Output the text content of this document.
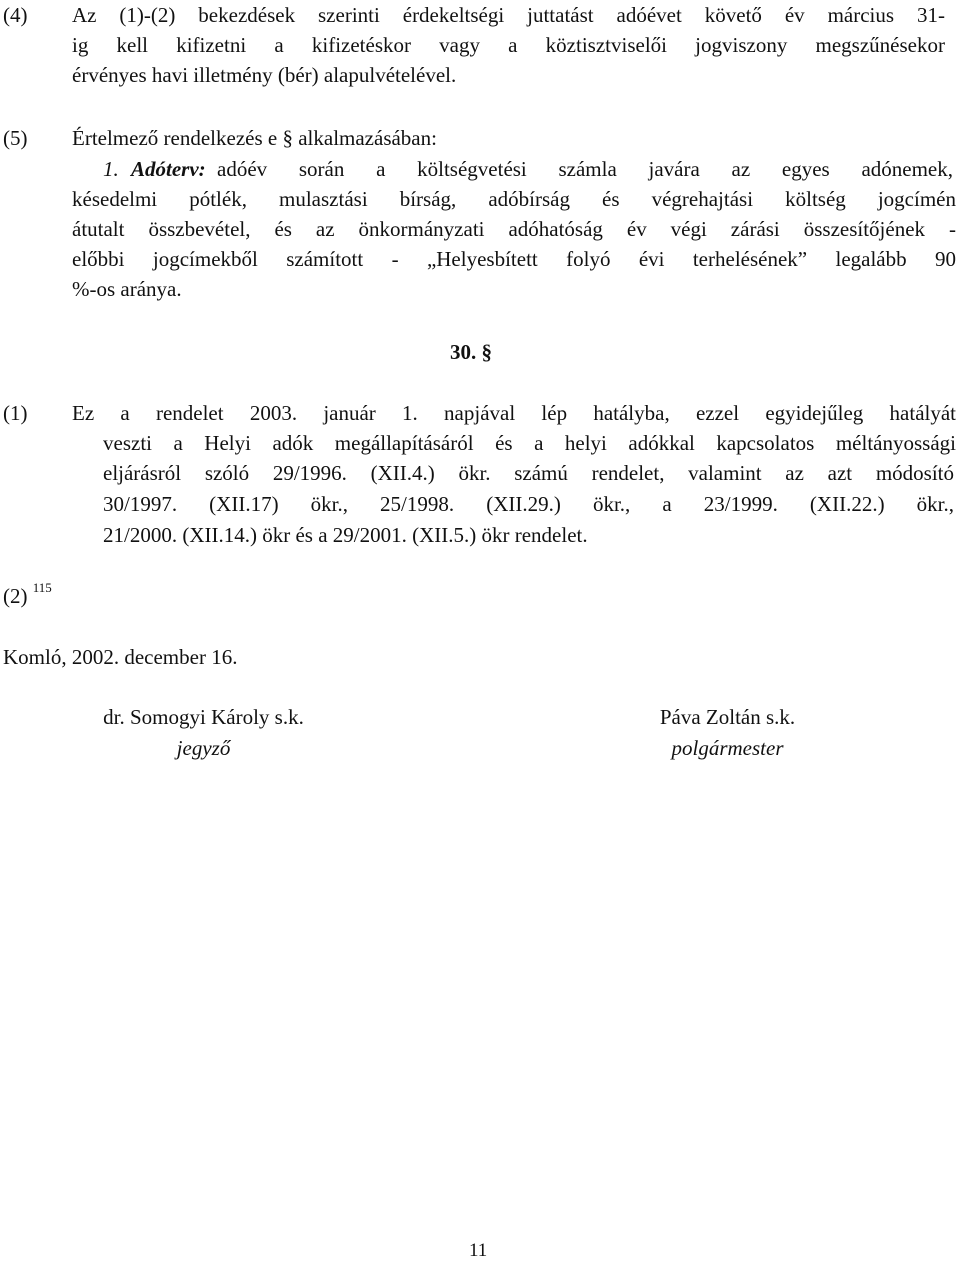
(4) Az (1)-(2) bekezdések szerinti érdekeltségi juttatást adóévet követő év március 31-
ig kell kifizetni a kifizetéskor vagy a köztisztviselői jogviszony megszűnésekor
érvényes havi illetmény (bér) alapulvételével.
(5) Értelmező rendelkezés e § alkalmazásában:
1. Adóterv: adóév során a költségvetési számla javára az egyes adónemek,
késedelmi pótlék, mulasztási bírság, adóbírság és végrehajtási költség jogcímén
átutalt összbevétel, és az önkormányzati adóhatóság év végi zárási összesítőjének -
előbbi jogcímekből számított - „Helyesbített folyó évi terhelésének” legalább 90
%-os aránya.
30. §
(1) Ez a rendelet 2003. január 1. napjával lép hatályba, ezzel egyidejűleg hatályát
veszti a Helyi adók megállapításáról és a helyi adókkal kapcsolatos méltányossági
eljárásról szóló 29/1996. (XII.4.) ökr. számú rendelet, valamint az azt módosító
30/1997. (XII.17) ökr., 25/1998. (XII.29.) ökr., a 23/1999. (XII.22.) ökr.,
21/2000. (XII.14.) ökr és a 29/2001. (XII.5.) ökr rendelet.
(2) $^{115}$
Komló, 2002. december 16.
dr. Somogyi Károly s.k.
jegyző
Páva Zoltán s.k.
polgármester
11
